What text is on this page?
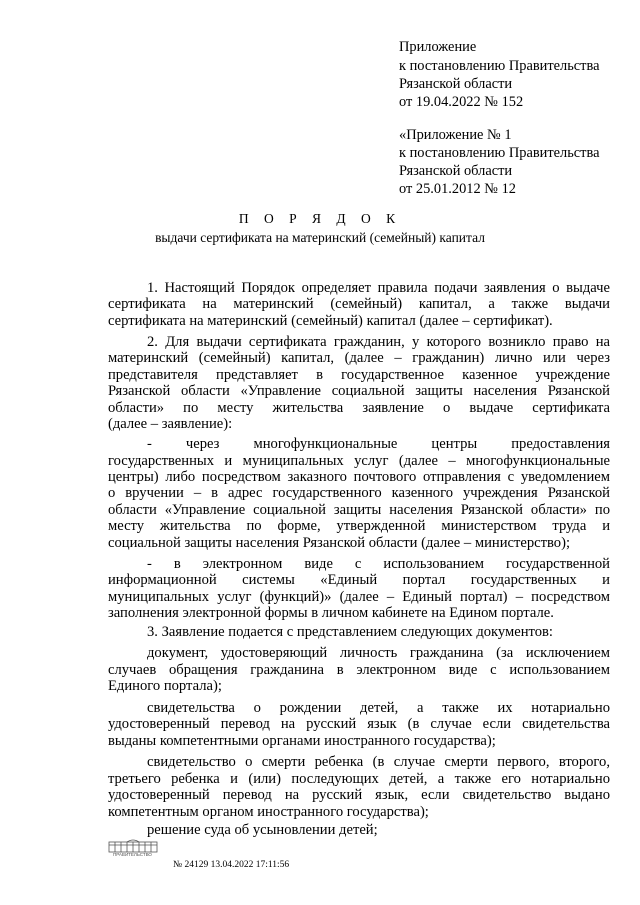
Приложение
к постановлению Правительства
Рязанской области
от 19.04.2022 № 152
«Приложение № 1
к постановлению Правительства
Рязанской области
от 25.01.2012 № 12
П О Р Я Д О К
выдачи сертификата на материнский (семейный) капитал
1. Настоящий Порядок определяет правила подачи заявления о выдаче
сертификата на материнский (семейный) капитал, а также выдачи
сертификата на материнский (семейный) капитал (далее – сертификат).
2. Для выдачи сертификата гражданин, у которого возникло право на
материнский (семейный) капитал, (далее – гражданин) лично или через
представителя представляет в государственное казенное учреждение
Рязанской области «Управление социальной защиты населения Рязанской
области» по месту жительства заявление о выдаче сертификата
(далее – заявление):
- через многофункциональные центры предоставления
государственных и муниципальных услуг (далее – многофункциональные
центры) либо посредством заказного почтового отправления с уведомлением
о вручении – в адрес государственного казенного учреждения Рязанской
области «Управление социальной защиты населения Рязанской области» по
месту жительства по форме, утвержденной министерством труда и
социальной защиты населения Рязанской области (далее – министерство);
- в электронном виде с использованием государственной
информационной системы «Единый портал государственных и
муниципальных услуг (функций)» (далее – Единый портал) – посредством
заполнения электронной формы в личном кабинете на Едином портале.
3. Заявление подается с представлением следующих документов:
документ, удостоверяющий личность гражданина (за исключением
случаев обращения гражданина в электронном виде с использованием
Единого портала);
свидетельства о рождении детей, а также их нотариально
удостоверенный перевод на русский язык (в случае если свидетельства
выданы компетентными органами иностранного государства);
свидетельство о смерти ребенка (в случае смерти первого, второго,
третьего ребенка и (или) последующих детей, а также его нотариально
удостоверенный перевод на русский язык, если свидетельство выдано
компетентным органом иностранного государства);
решение суда об усыновлении детей;
ПРАВИТЕЛЬСТВО
№ 24129 13.04.2022 17:11:56
